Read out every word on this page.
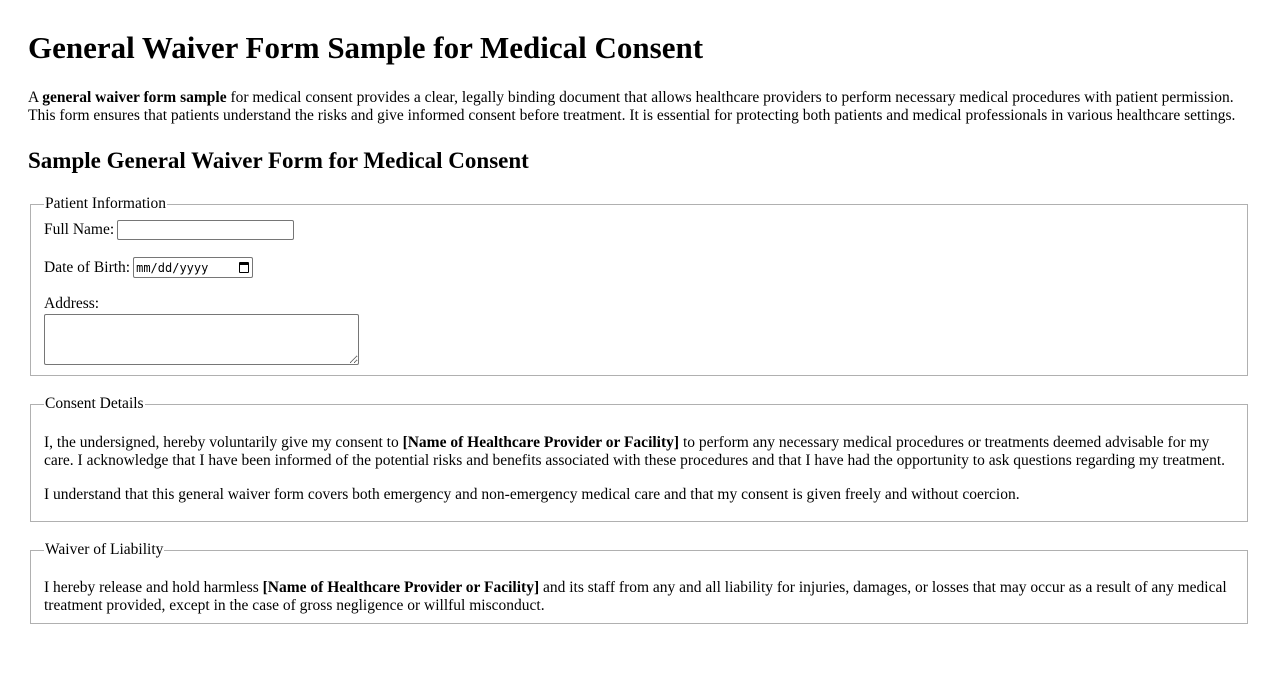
General Waiver Form Sample for Medical Consent

A general waiver form sample for medical consent provides a clear, legally binding document that allows healthcare providers to perform necessary medical procedures with patient permission. This form ensures that patients understand the risks and give informed consent before treatment. It is essential for protecting both patients and medical professionals in various healthcare settings.

Sample General Waiver Form for Medical Consent
Patient Information
Full Name:
Date of Birth: mm/dd/yyyy
Address:
Consent Details

I, the undersigned, hereby voluntarily give my consent to [Name of Healthcare Provider or Facility] to perform any necessary medical procedures or treatments deemed advisable for my care. I acknowledge that I have been informed of the potential risks and benefits associated with these procedures and that I have had the opportunity to ask questions regarding my treatment.

I understand that this general waiver form covers both emergency and non-emergency medical care and that my consent is given freely and without coercion.

Waiver of Liability

I hereby release and hold harmless [Name of Healthcare Provider or Facility] and its staff from any and all liability for injuries, damages, or losses that may occur as a result of any medical treatment provided, except in the case of gross negligence or willful misconduct.
